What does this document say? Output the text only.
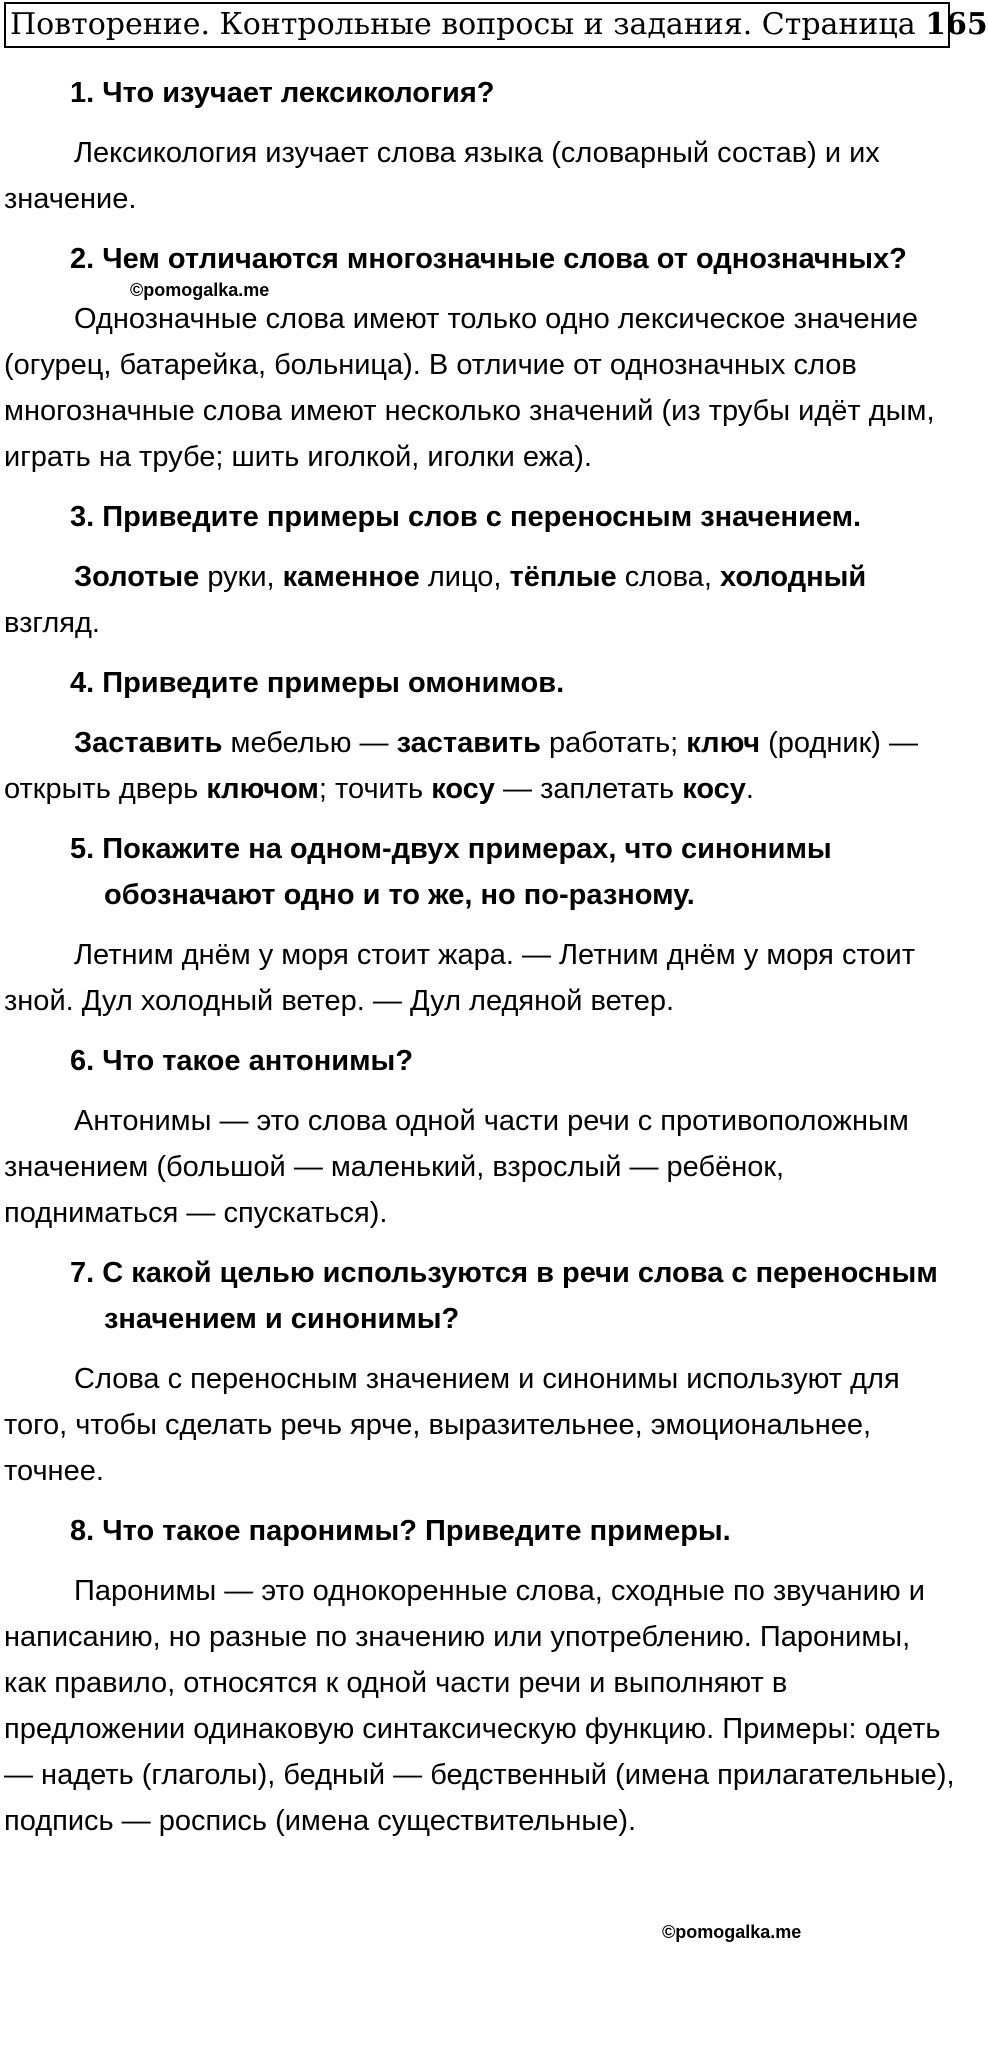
Повторение. Контрольные вопросы и задания. Страница 165
1. Что изучает лексикология?
Лексикология изучает слова языка (словарный состав) и их значение.
2. Чем отличаются многозначные слова от однозначных?
Однозначные слова имеют только одно лексическое значение (огурец, батарейка, больница). В отличие от однозначных слов многозначные слова имеют несколько значений (из трубы идёт дым, играть на трубе; шить иголкой, иголки ежа).
3. Приведите примеры слов с переносным значением.
Золотые руки, каменное лицо, тёплые слова, холодный взгляд.
4. Приведите примеры омонимов.
Заставить мебелью — заставить работать; ключ (родник) — открыть дверь ключом; точить косу — заплетать косу.
5. Покажите на одном-двух примерах, что синонимы обозначают одно и то же, но по-разному.
Летним днём у моря стоит жара. — Летним днём у моря стоит зной. Дул холодный ветер. — Дул ледяной ветер.
6. Что такое антонимы?
Антонимы — это слова одной части речи с противоположным значением (большой — маленький, взрослый — ребёнок, подниматься — спускаться).
7. С какой целью используются в речи слова с переносным значением и синонимы?
Слова с переносным значением и синонимы используют для того, чтобы сделать речь ярче, выразительнее, эмоциональнее, точнее.
8. Что такое паронимы? Приведите примеры.
Паронимы — это однокоренные слова, сходные по звучанию и написанию, но разные по значению или употреблению. Паронимы, как правило, относятся к одной части речи и выполняют в предложении одинаковую синтаксическую функцию. Примеры: одеть — надеть (глаголы), бедный — бедственный (имена прилагательные), подпись — роспись (имена существительные).
©pomogalka.me
©pomogalka.me
